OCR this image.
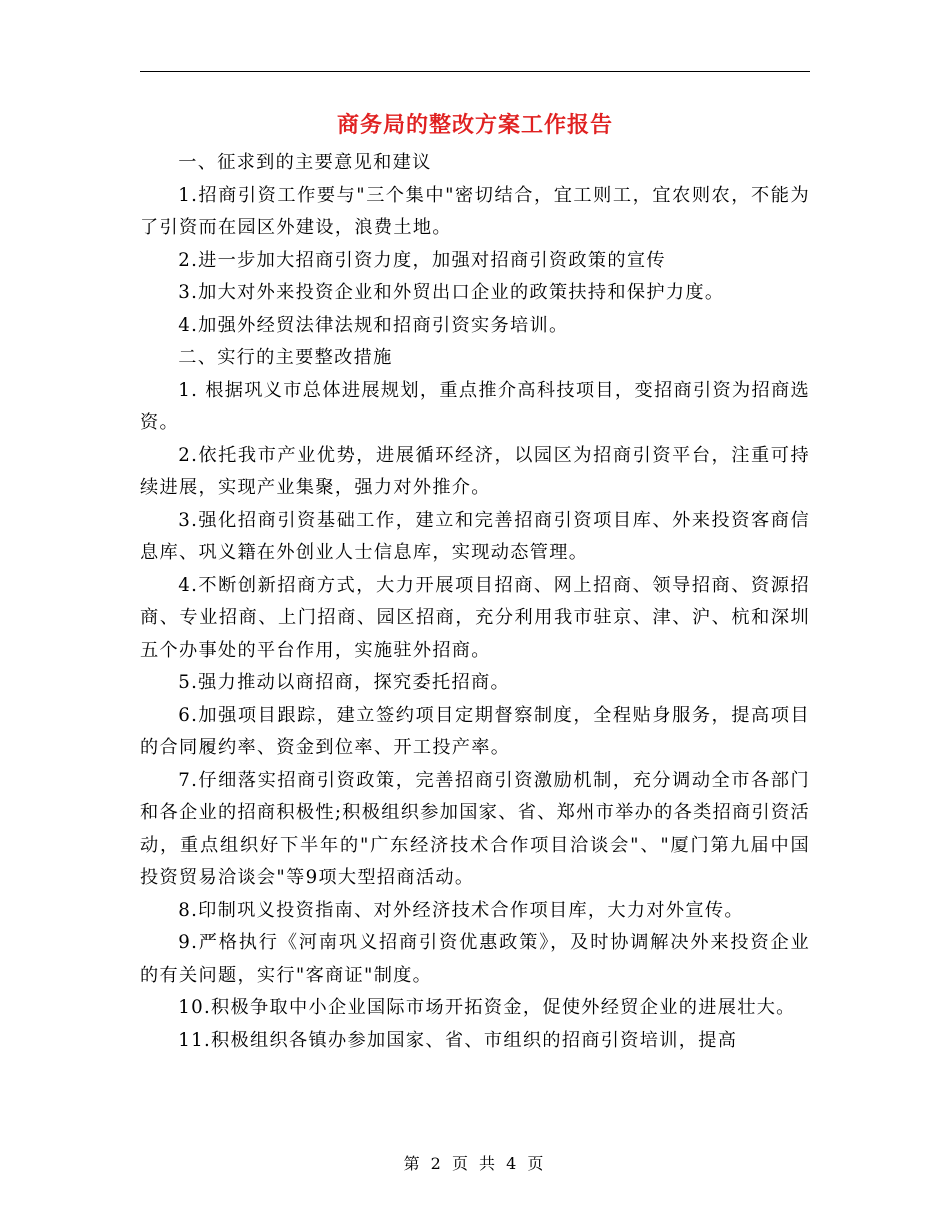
商务局的整改方案工作报告

一、征求到的主要意见和建议

1.招商引资工作要与"三个集中"密切结合，宜工则工，宜农则农，不能为了引资而在园区外建设，浪费土地。

2.进一步加大招商引资力度，加强对招商引资政策的宣传

3.加大对外来投资企业和外贸出口企业的政策扶持和保护力度。

4.加强外经贸法律法规和招商引资实务培训。

二、实行的主要整改措施

1. 根据巩义市总体进展规划，重点推介高科技项目，变招商引资为招商选资。

2.依托我市产业优势，进展循环经济，以园区为招商引资平台，注重可持续进展，实现产业集聚，强力对外推介。

3.强化招商引资基础工作，建立和完善招商引资项目库、外来投资客商信息库、巩义籍在外创业人士信息库，实现动态管理。

4.不断创新招商方式，大力开展项目招商、网上招商、领导招商、资源招商、专业招商、上门招商、园区招商，充分利用我市驻京、津、沪、杭和深圳五个办事处的平台作用，实施驻外招商。

5.强力推动以商招商，探究委托招商。

6.加强项目跟踪，建立签约项目定期督察制度，全程贴身服务，提高项目的合同履约率、资金到位率、开工投产率。

7.仔细落实招商引资政策，完善招商引资激励机制，充分调动全市各部门和各企业的招商积极性;积极组织参加国家、省、郑州市举办的各类招商引资活动，重点组织好下半年的"广东经济技术合作项目洽谈会"、"厦门第九届中国投资贸易洽谈会"等9项大型招商活动。

8.印制巩义投资指南、对外经济技术合作项目库，大力对外宣传。

9.严格执行《河南巩义招商引资优惠政策》，及时协调解决外来投资企业的有关问题，实行"客商证"制度。

10.积极争取中小企业国际市场开拓资金，促使外经贸企业的进展壮大。

11.积极组织各镇办参加国家、省、市组织的招商引资培训，提高

第 2 页 共 4 页
